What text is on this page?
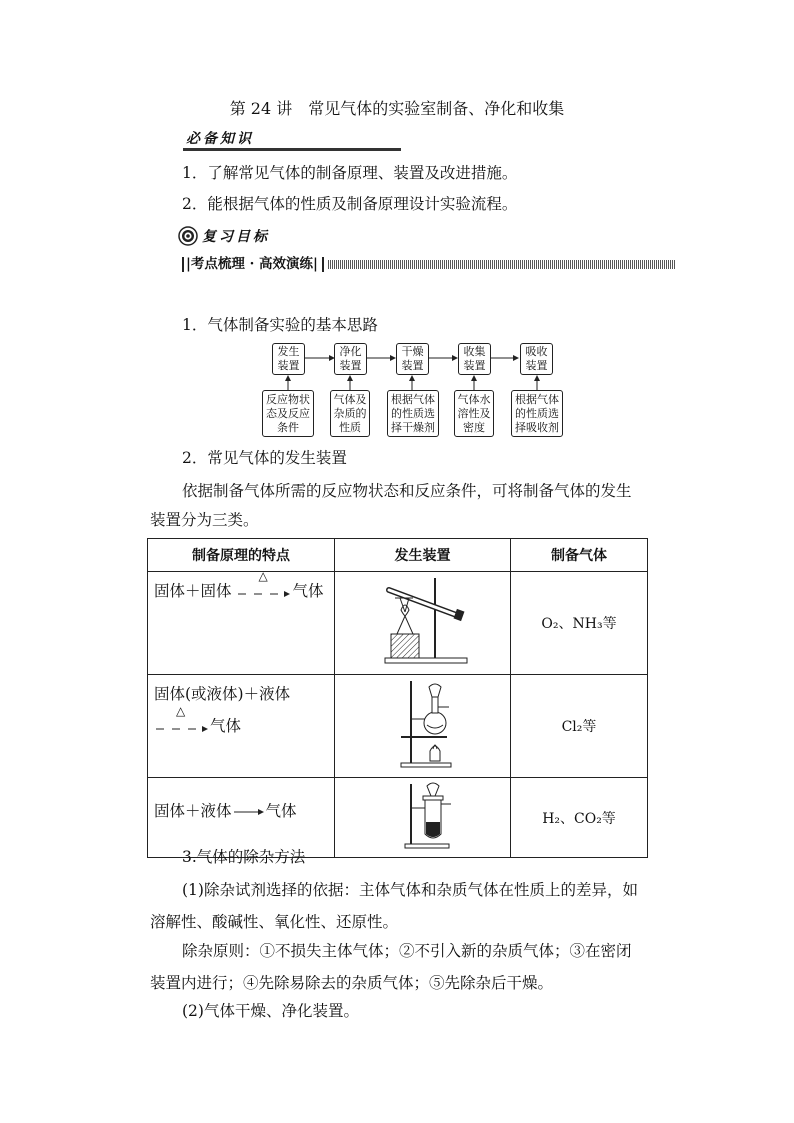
第 24 讲　常见气体的实验室制备、净化和收集
必备知识
1．了解常见气体的制备原理、装置及改进措施。
2．能根据气体的性质及制备原理设计实验流程。
复习目标
|考点梳理 · 高效演练|
1．气体制备实验的基本思路
发生装置
净化装置
干燥装置
收集装置
吸收装置
反应物状态及反应条件
气体及杂质的性质
根据气体的性质选择干燥剂
气体水溶性及密度
根据气体的性质选择吸收剂
2．常见气体的发生装置
依据制备气体所需的反应物状态和反应条件，可将制备气体的发生装置分为三类。
制备原理的特点	发生装置	制备气体

固体＋固体
△
气体		O₂、NH₃等

固体(或液体)＋液体
△
气体		Cl₂等

固体＋液体 气体		H₂、CO₂等
3.气体的除杂方法
(1)除杂试剂选择的依据：主体气体和杂质气体在性质上的差异，如溶解性、酸碱性、氧化性、还原性。
除杂原则：①不损失主体气体；②不引入新的杂质气体；③在密闭装置内进行；④先除易除去的杂质气体；⑤先除杂后干燥。
(2)气体干燥、净化装置。
